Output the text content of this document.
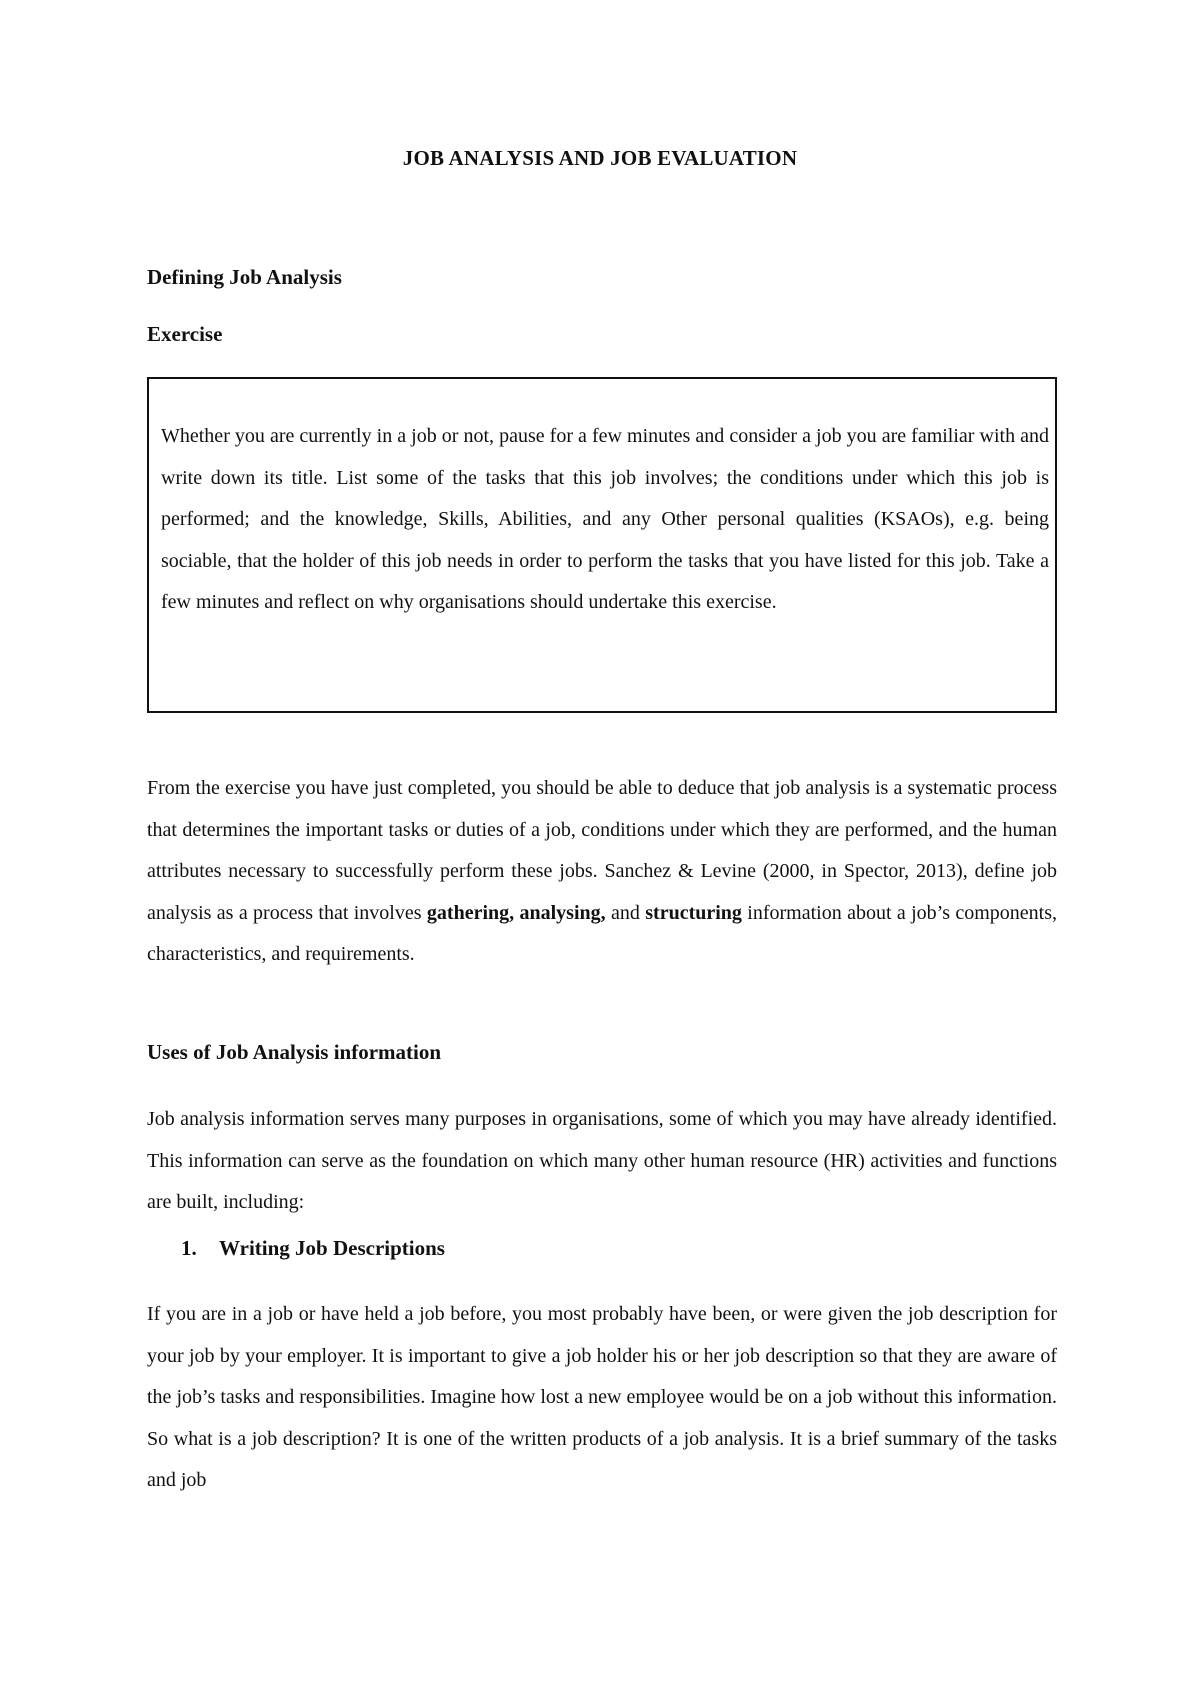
JOB ANALYSIS AND JOB EVALUATION
Defining Job Analysis
Exercise

Whether you are currently in a job or not, pause for a few minutes and consider a job you are familiar with and write down its title. List some of the tasks that this job involves; the conditions under which this job is performed; and the knowledge, Skills, Abilities, and any Other personal qualities (KSAOs), e.g. being sociable, that the holder of this job needs in order to perform the tasks that you have listed for this job. Take a few minutes and reflect on why organisations should undertake this exercise.

From the exercise you have just completed, you should be able to deduce that job analysis is a systematic process that determines the important tasks or duties of a job, conditions under which they are performed, and the human attributes necessary to successfully perform these jobs. Sanchez & Levine (2000, in Spector, 2013), define job analysis as a process that involves gathering, analysing, and structuring information about a job’s components, characteristics, and requirements.

Uses of Job Analysis information

Job analysis information serves many purposes in organisations, some of which you may have already identified. This information can serve as the foundation on which many other human resource (HR) activities and functions are built, including:

1. Writing Job Descriptions

If you are in a job or have held a job before, you most probably have been, or were given the job description for your job by your employer. It is important to give a job holder his or her job description so that they are aware of the job’s tasks and responsibilities. Imagine how lost a new employee would be on a job without this information. So what is a job description? It is one of the written products of a job analysis. It is a brief summary of the tasks and job
